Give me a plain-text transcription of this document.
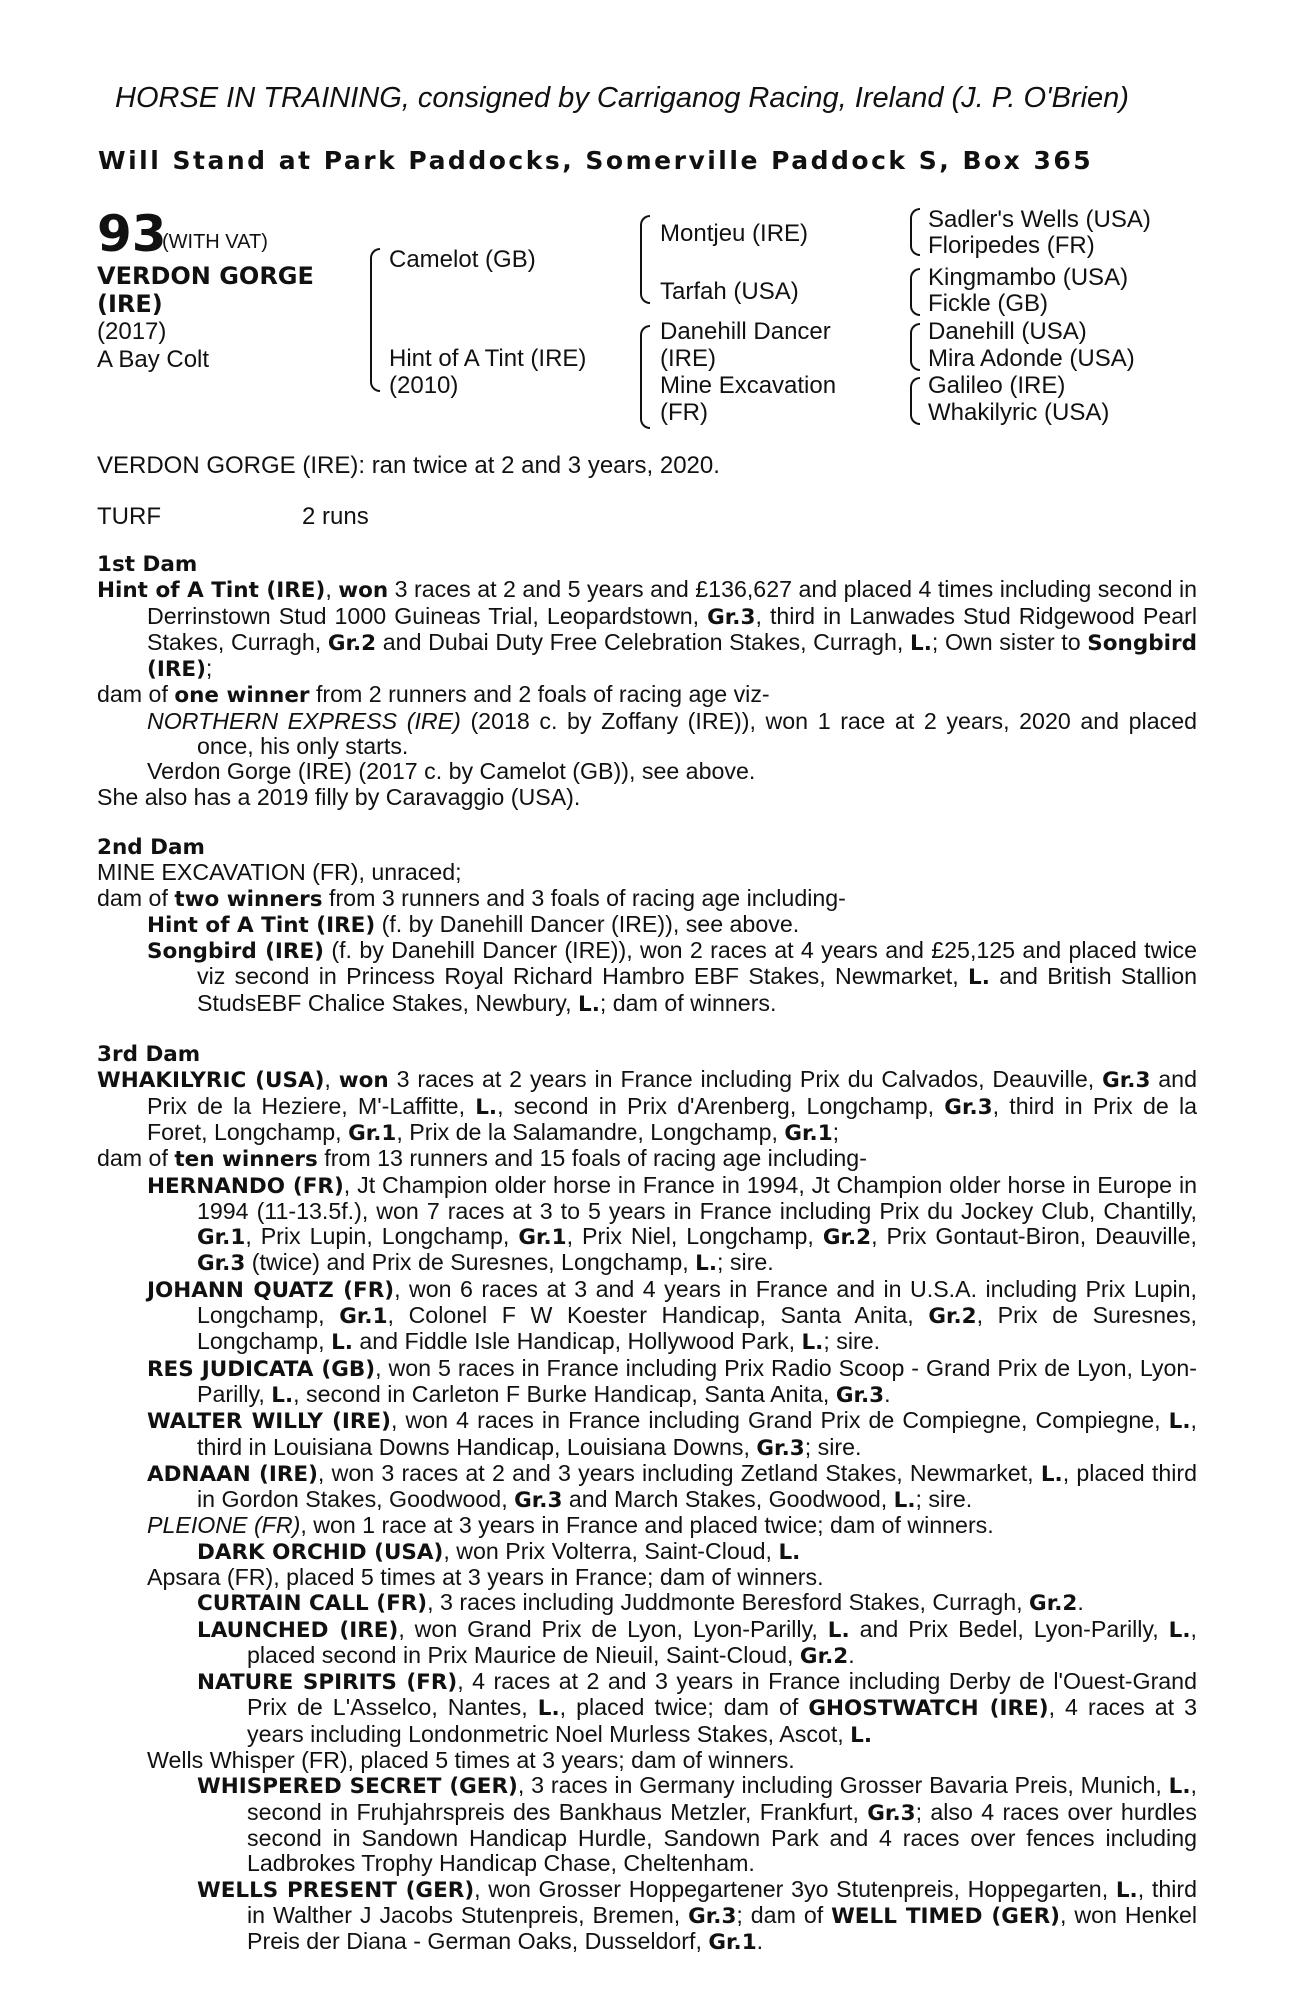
HORSE IN TRAINING, consigned by Carriganog Racing, Ireland (J. P. O'Brien)
Will Stand at Park Paddocks, Somerville Paddock S, Box 365
93
(WITH VAT)
VERDON GORGE
(IRE)
(2017)
A Bay Colt
Camelot (GB)
Hint of A Tint (IRE)
(2010)
Montjeu (IRE)
Tarfah (USA)
Danehill Dancer
(IRE)
Mine Excavation
(FR)
Sadler's Wells (USA)
Floripedes (FR)
Kingmambo (USA)
Fickle (GB)
Danehill (USA)
Mira Adonde (USA)
Galileo (IRE)
Whakilyric (USA)
VERDON GORGE (IRE): ran twice at 2 and 3 years, 2020.
TURF	2 runs
1st Dam
Hint of A Tint (IRE), won 3 races at 2 and 5 years and £136,627 and placed 4 times including second in Derrinstown Stud 1000 Guineas Trial, Leopardstown, Gr.3, third in Lanwades Stud Ridgewood Pearl Stakes, Curragh, Gr.2 and Dubai Duty Free Celebration Stakes, Curragh, L.; Own sister to Songbird (IRE);
dam of one winner from 2 runners and 2 foals of racing age viz-
NORTHERN EXPRESS (IRE) (2018 c. by Zoffany (IRE)), won 1 race at 2 years, 2020 and placed once, his only starts.
Verdon Gorge (IRE) (2017 c. by Camelot (GB)), see above.
She also has a 2019 filly by Caravaggio (USA).
2nd Dam
MINE EXCAVATION (FR), unraced;
dam of two winners from 3 runners and 3 foals of racing age including-
Hint of A Tint (IRE) (f. by Danehill Dancer (IRE)), see above.
Songbird (IRE) (f. by Danehill Dancer (IRE)), won 2 races at 4 years and £25,125 and placed twice viz second in Princess Royal Richard Hambro EBF Stakes, Newmarket, L. and British Stallion StudsEBF Chalice Stakes, Newbury, L.; dam of winners.
3rd Dam
WHAKILYRIC (USA), won 3 races at 2 years in France including Prix du Calvados, Deauville, Gr.3 and Prix de la Heziere, M'-Laffitte, L., second in Prix d'Arenberg, Longchamp, Gr.3, third in Prix de la Foret, Longchamp, Gr.1, Prix de la Salamandre, Longchamp, Gr.1;
dam of ten winners from 13 runners and 15 foals of racing age including-
HERNANDO (FR), Jt Champion older horse in France in 1994, Jt Champion older horse in Europe in 1994 (11-13.5f.), won 7 races at 3 to 5 years in France including Prix du Jockey Club, Chantilly, Gr.1, Prix Lupin, Longchamp, Gr.1, Prix Niel, Longchamp, Gr.2, Prix Gontaut-Biron, Deauville, Gr.3 (twice) and Prix de Suresnes, Longchamp, L.; sire.
JOHANN QUATZ (FR), won 6 races at 3 and 4 years in France and in U.S.A. including Prix Lupin, Longchamp, Gr.1, Colonel F W Koester Handicap, Santa Anita, Gr.2, Prix de Suresnes, Longchamp, L. and Fiddle Isle Handicap, Hollywood Park, L.; sire.
RES JUDICATA (GB), won 5 races in France including Prix Radio Scoop - Grand Prix de Lyon, Lyon-Parilly, L., second in Carleton F Burke Handicap, Santa Anita, Gr.3.
WALTER WILLY (IRE), won 4 races in France including Grand Prix de Compiegne, Compiegne, L., third in Louisiana Downs Handicap, Louisiana Downs, Gr.3; sire.
ADNAAN (IRE), won 3 races at 2 and 3 years including Zetland Stakes, Newmarket, L., placed third in Gordon Stakes, Goodwood, Gr.3 and March Stakes, Goodwood, L.; sire.
PLEIONE (FR), won 1 race at 3 years in France and placed twice; dam of winners.
DARK ORCHID (USA), won Prix Volterra, Saint-Cloud, L.
Apsara (FR), placed 5 times at 3 years in France; dam of winners.
CURTAIN CALL (FR), 3 races including Juddmonte Beresford Stakes, Curragh, Gr.2.
LAUNCHED (IRE), won Grand Prix de Lyon, Lyon-Parilly, L. and Prix Bedel, Lyon-Parilly, L., placed second in Prix Maurice de Nieuil, Saint-Cloud, Gr.2.
NATURE SPIRITS (FR), 4 races at 2 and 3 years in France including Derby de l'Ouest-Grand Prix de L'Asselco, Nantes, L., placed twice; dam of GHOSTWATCH (IRE), 4 races at 3 years including Londonmetric Noel Murless Stakes, Ascot, L.
Wells Whisper (FR), placed 5 times at 3 years; dam of winners.
WHISPERED SECRET (GER), 3 races in Germany including Grosser Bavaria Preis, Munich, L., second in Fruhjahrspreis des Bankhaus Metzler, Frankfurt, Gr.3; also 4 races over hurdles second in Sandown Handicap Hurdle, Sandown Park and 4 races over fences including Ladbrokes Trophy Handicap Chase, Cheltenham.
WELLS PRESENT (GER), won Grosser Hoppegartener 3yo Stutenpreis, Hoppegarten, L., third in Walther J Jacobs Stutenpreis, Bremen, Gr.3; dam of WELL TIMED (GER), won Henkel Preis der Diana - German Oaks, Dusseldorf, Gr.1.
